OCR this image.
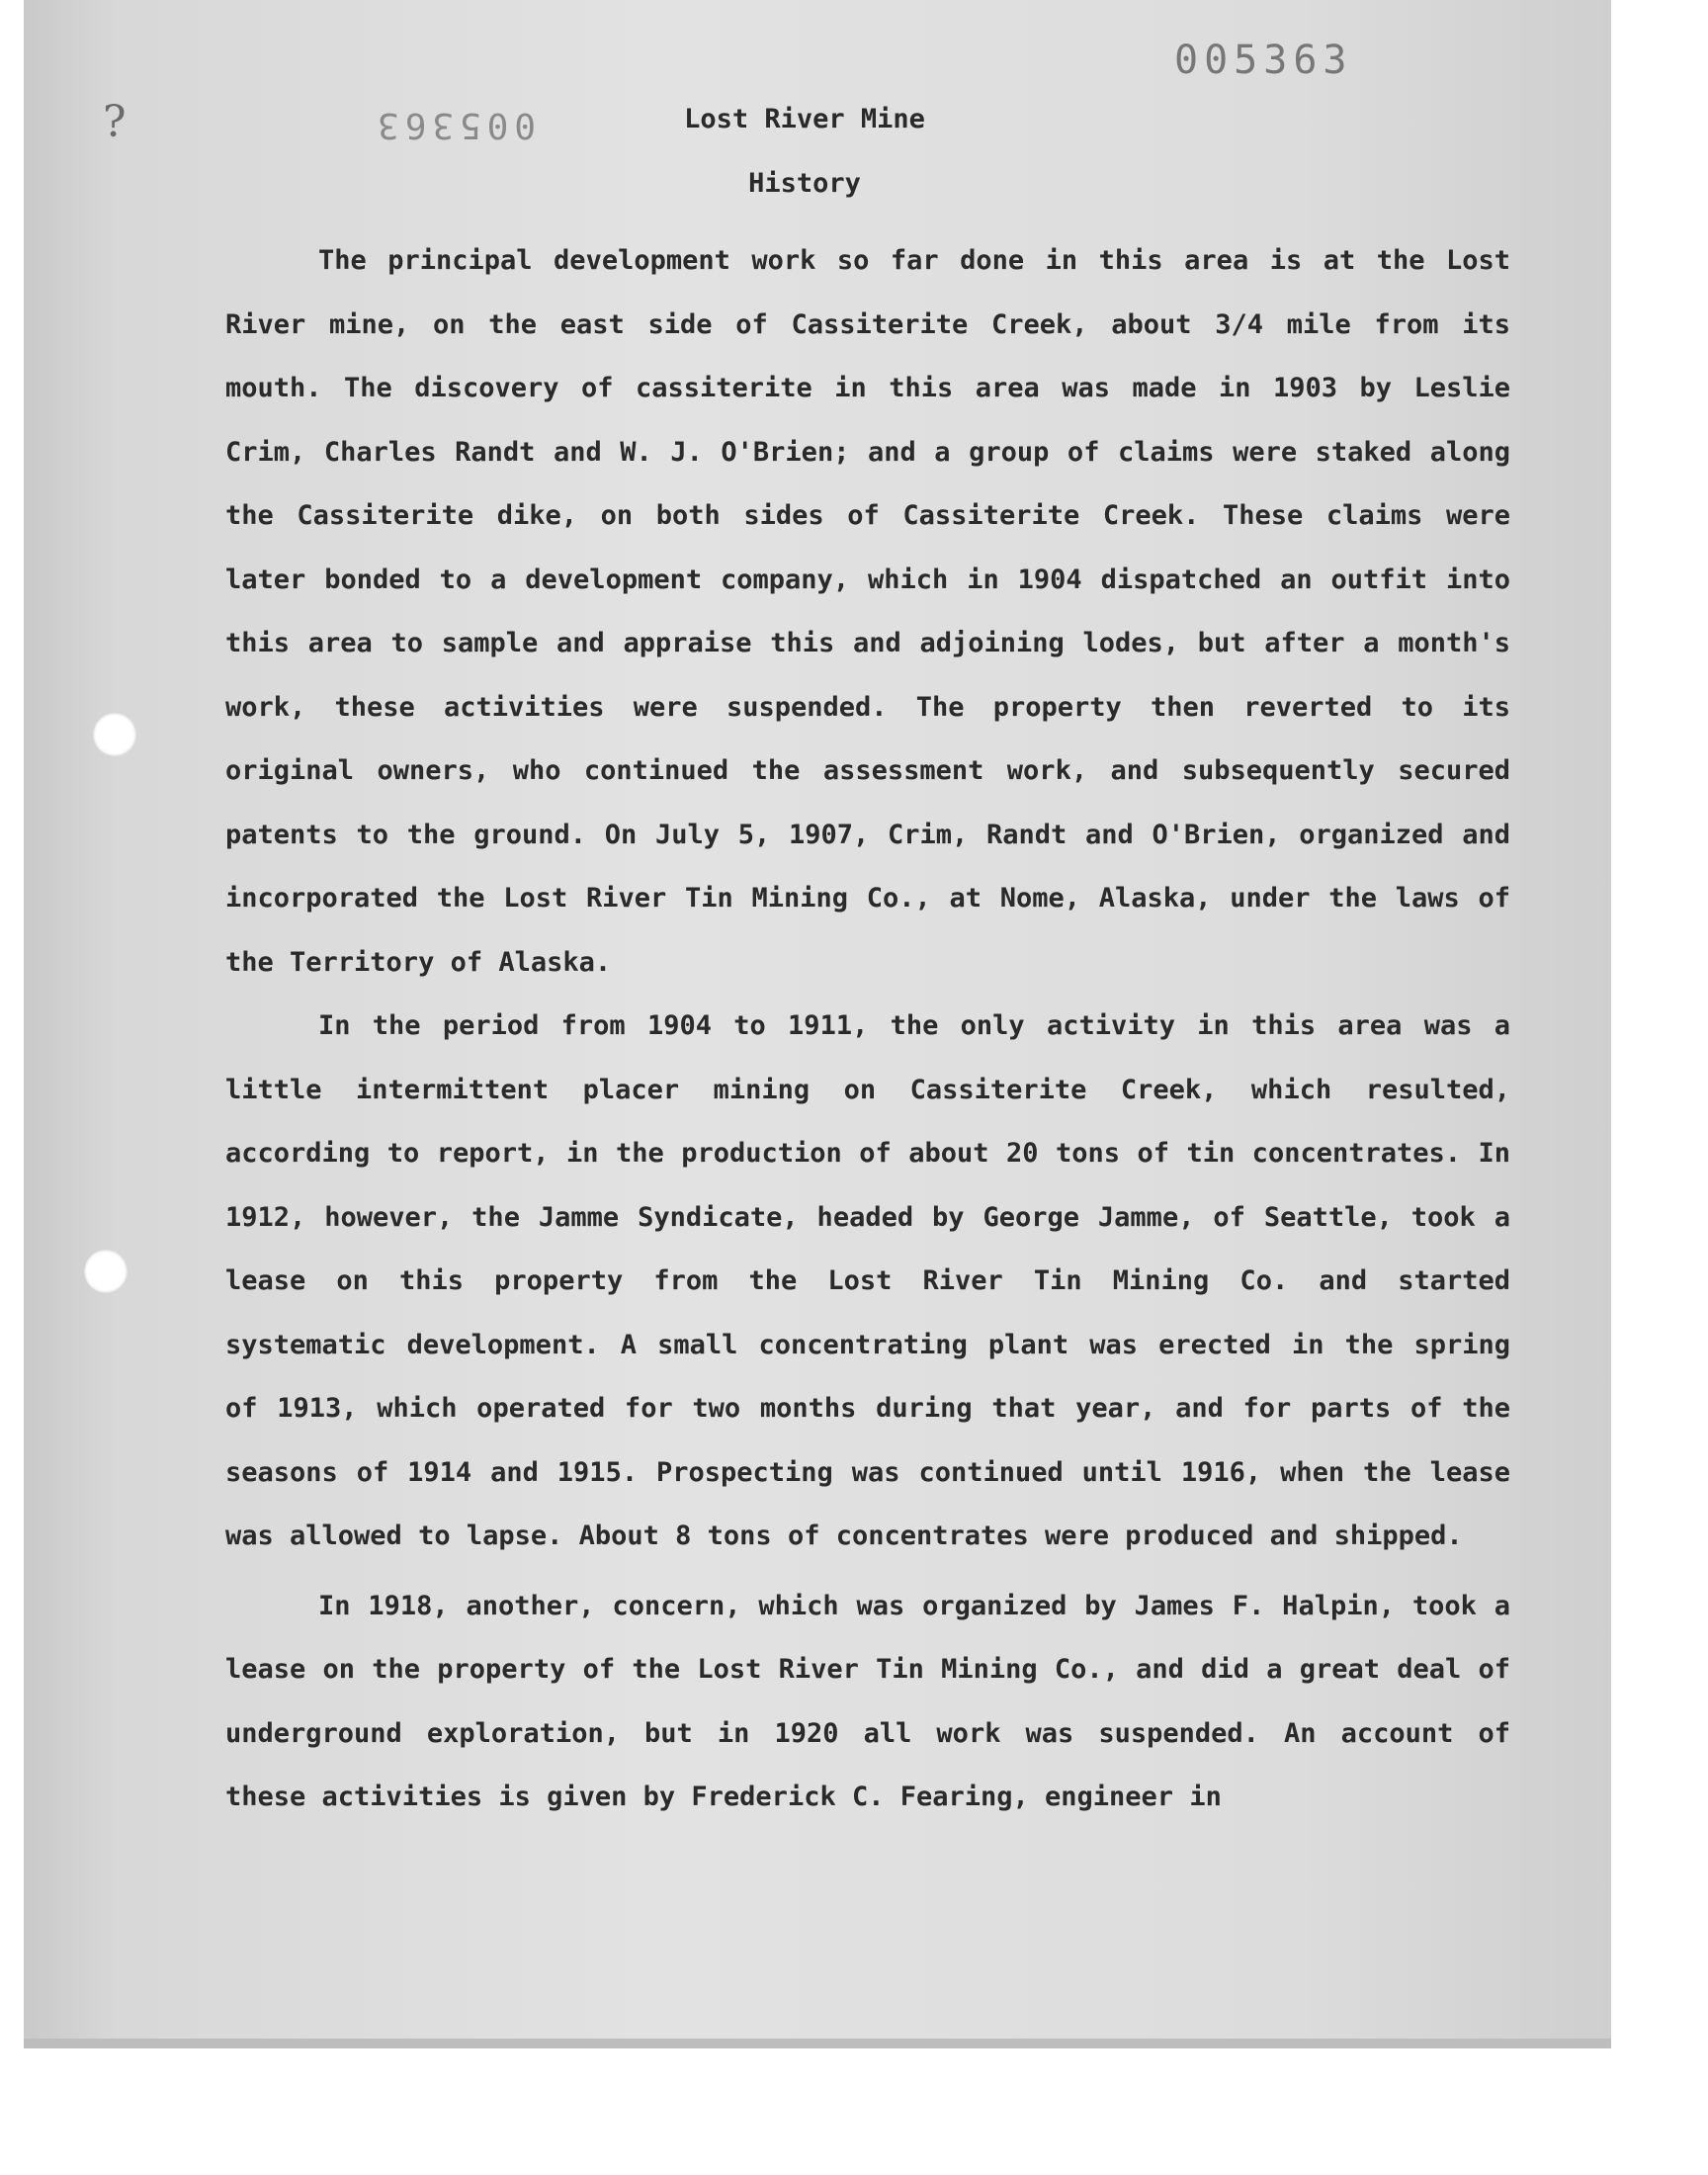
?
005363
005363	Lost River Mine
History

The principal development work so far done in this area is at the Lost River mine, on the east side of Cassiterite Creek, about 3/4 mile from its mouth. The discovery of cassiterite in this area was made in 1903 by Leslie Crim, Charles Randt and W. J. O'Brien; and a group of claims were staked along the Cassiterite dike, on both sides of Cassiterite Creek. These claims were later bonded to a development company, which in 1904 dispatched an outfit into this area to sample and appraise this and adjoining lodes, but after a month's work, these activities were suspended. The property then reverted to its original owners, who continued the assessment work, and subsequently secured patents to the ground. On July 5, 1907, Crim, Randt and O'Brien, organized and incorporated the Lost River Tin Mining Co., at Nome, Alaska, under the laws of the Territory of Alaska.

In the period from 1904 to 1911, the only activity in this area was a little intermittent placer mining on Cassiterite Creek, which resulted, according to report, in the production of about 20 tons of tin concentrates. In 1912, however, the Jamme Syndicate, headed by George Jamme, of Seattle, took a lease on this property from the Lost River Tin Mining Co. and started systematic development. A small concentrating plant was erected in the spring of 1913, which operated for two months during that year, and for parts of the seasons of 1914 and 1915. Prospecting was continued until 1916, when the lease was allowed to lapse. About 8 tons of concentrates were produced and shipped.

In 1918, another, concern, which was organized by James F. Halpin, took a lease on the property of the Lost River Tin Mining Co., and did a great deal of underground exploration, but in 1920 all work was suspended. An account of these activities is given by Frederick C. Fearing, engineer in
